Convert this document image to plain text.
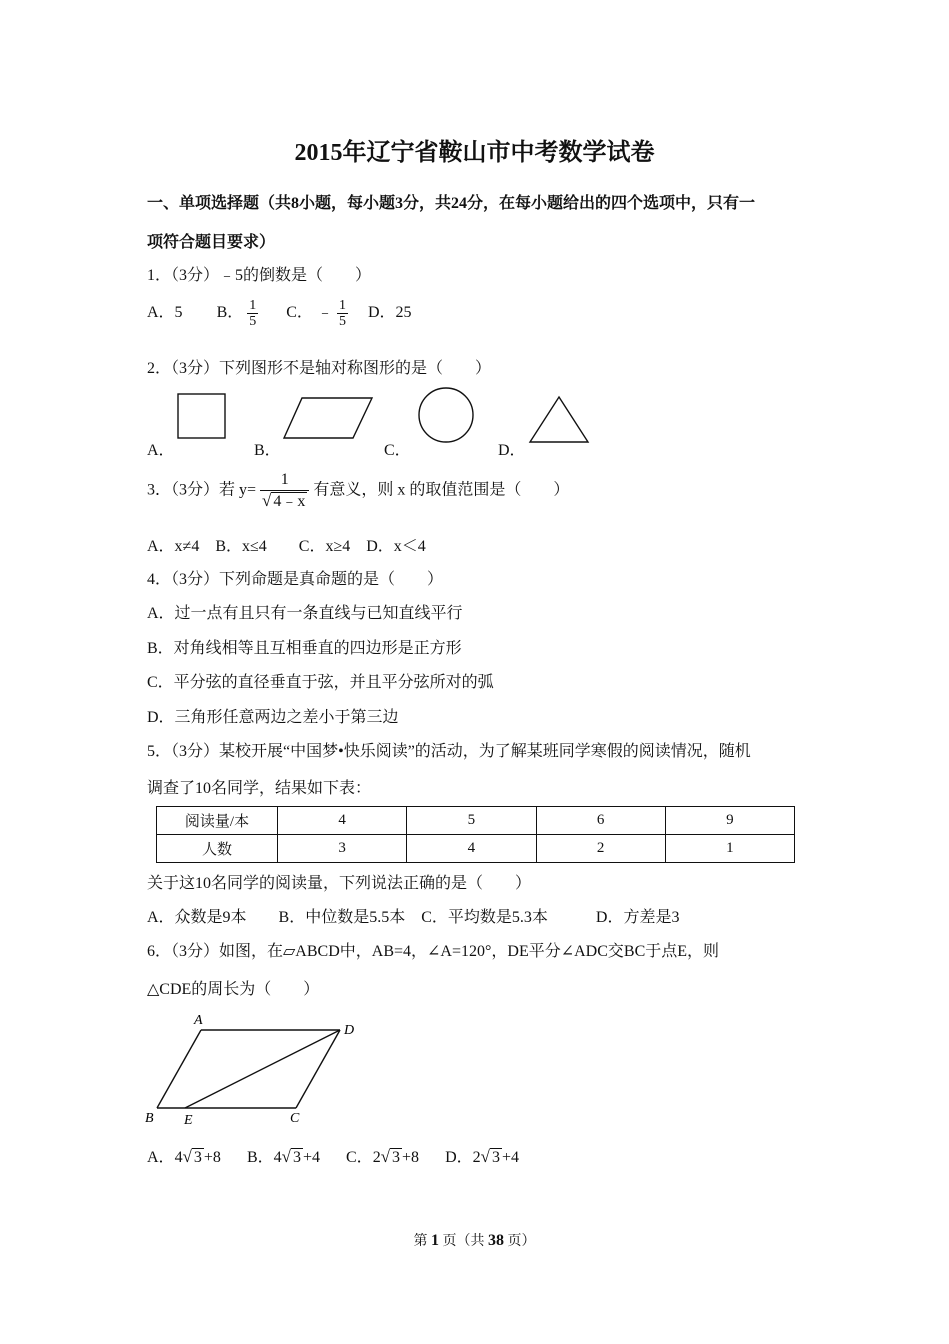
2015年辽宁省鞍山市中考数学试卷
一、单项选择题（共8小题，每小题3分，共24分，在每小题给出的四个选项中，只有一
项符合题目要求）
1．（3分）﹣5的倒数是（　　）
A．5 B． $\frac{1}{5}$ C． ﹣ $\frac{1}{5}$ D．25
2．（3分）下列图形不是轴对称图形的是（　　）
A．	B．	C．	D．
3．（3分）若 $y= \frac{1}{√ 4﹣x}$ 有意义，则 x 的取值范围是（　　）
A．x≠4　B．x≤4　　C．x≥4　D．x＜4
4．（3分）下列命题是真命题的是（　　）
A．过一点有且只有一条直线与已知直线平行
B．对角线相等且互相垂直的四边形是正方形
C．平分弦的直径垂直于弦，并且平分弦所对的弧
D．三角形任意两边之差小于第三边
5．（3分）某校开展“中国梦•快乐阅读”的活动，为了解某班同学寒假的阅读情况，随机
调查了10名同学，结果如下表：
阅读量/本	4	5	6	9
人数	3	4	2	1
关于这10名同学的阅读量，下列说法正确的是（　　）
A．众数是9本　　B．中位数是5.5本　C．平均数是5.3本　　　D．方差是3
6．（3分）如图，在▱ABCD中，AB=4，∠A=120°，DE平分∠ADC交BC于点E，则
△CDE的周长为（　　）
A
D
B E	C
A．4√ 3 +8 B．4√ 3 +4 C．2√ 3 +8 D．2√ 3 +4
第 1 页（共 38 页）
